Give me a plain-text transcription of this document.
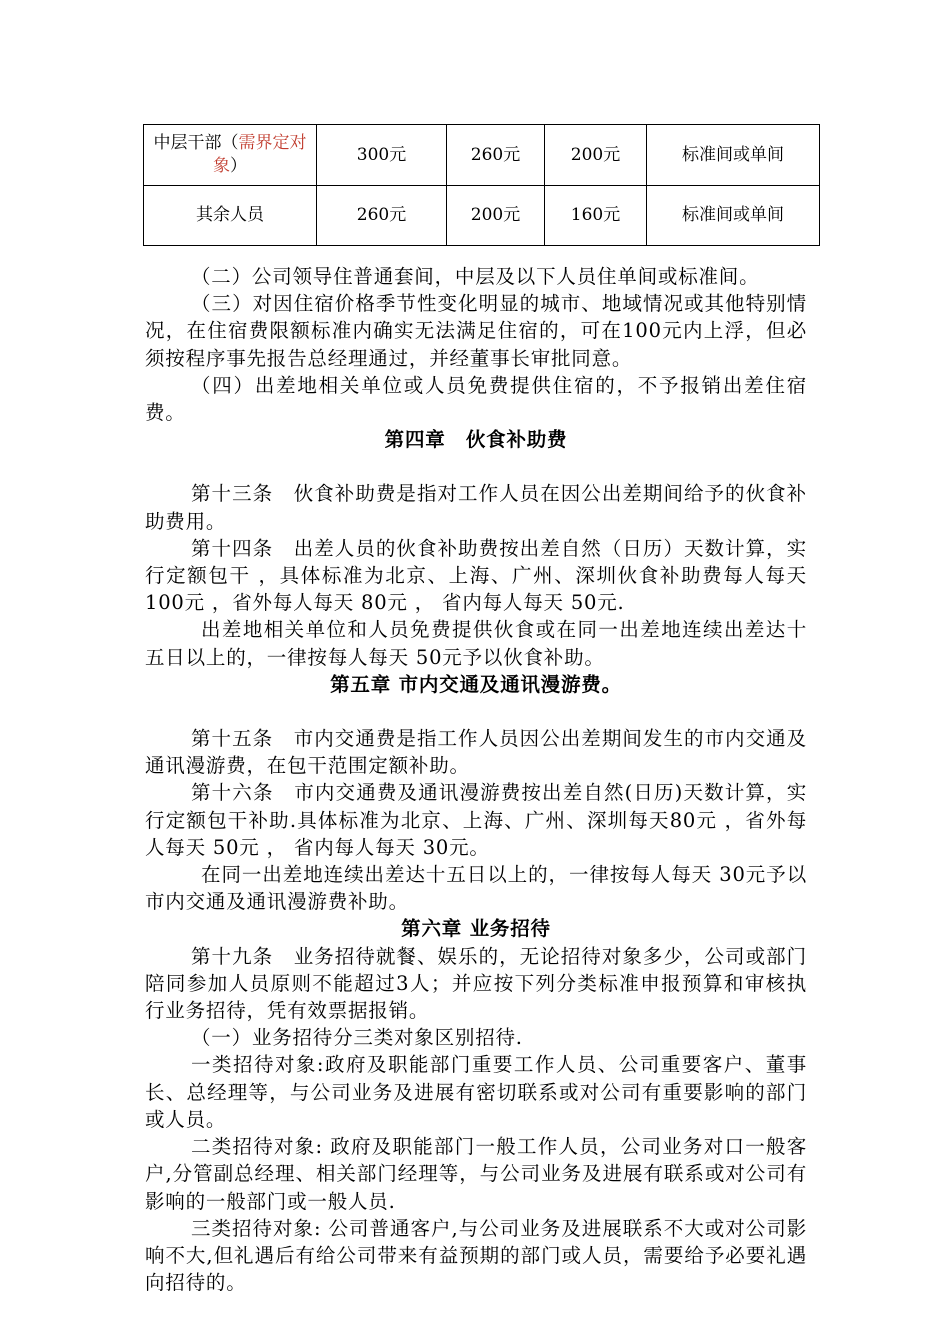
中层干部（需界定对象）	300元	260元	200元	标准间或单间
其余人员	260元	200元	160元	标准间或单间

（二）公司领导住普通套间，中层及以下人员住单间或标准间。

（三）对因住宿价格季节性变化明显的城市、地域情况或其他特别情况，在住宿费限额标准内确实无法满足住宿的，可在100元内上浮，但必须按程序事先报告总经理通过，并经董事长审批同意。

（四）出差地相关单位或人员免费提供住宿的，不予报销出差住宿费。

第四章　伙食补助费

第十三条　伙食补助费是指对工作人员在因公出差期间给予的伙食补助费用。

第十四条　出差人员的伙食补助费按出差自然（日历）天数计算，实行定额包干 ，具体标准为北京、上海、广州、深圳伙食补助费每人每天 100元 ，省外每人每天 80元 ， 省内每人每天 50元.

出差地相关单位和人员免费提供伙食或在同一出差地连续出差达十五日以上的，一律按每人每天 50元予以伙食补助。

第五章 市内交通及通讯漫游费。

第十五条　市内交通费是指工作人员因公出差期间发生的市内交通及通讯漫游费，在包干范围定额补助。

第十六条　市内交通费及通讯漫游费按出差自然(日历)天数计算，实行定额包干补助.具体标准为北京、上海、广州、深圳每天80元 ，省外每人每天 50元 ， 省内每人每天 30元。

在同一出差地连续出差达十五日以上的，一律按每人每天 30元予以市内交通及通讯漫游费补助。

第六章 业务招待

第十九条　业务招待就餐、娱乐的，无论招待对象多少，公司或部门陪同参加人员原则不能超过3人；并应按下列分类标准申报预算和审核执行业务招待，凭有效票据报销。

（一）业务招待分三类对象区别招待.

一类招待对象:政府及职能部门重要工作人员、公司重要客户、董事长、总经理等，与公司业务及进展有密切联系或对公司有重要影响的部门或人员。

二类招待对象: 政府及职能部门一般工作人员，公司业务对口一般客户,分管副总经理、相关部门经理等，与公司业务及进展有联系或对公司有影响的一般部门或一般人员.

三类招待对象: 公司普通客户,与公司业务及进展联系不大或对公司影响不大,但礼遇后有给公司带来有益预期的部门或人员，需要给予必要礼遇向招待的。
